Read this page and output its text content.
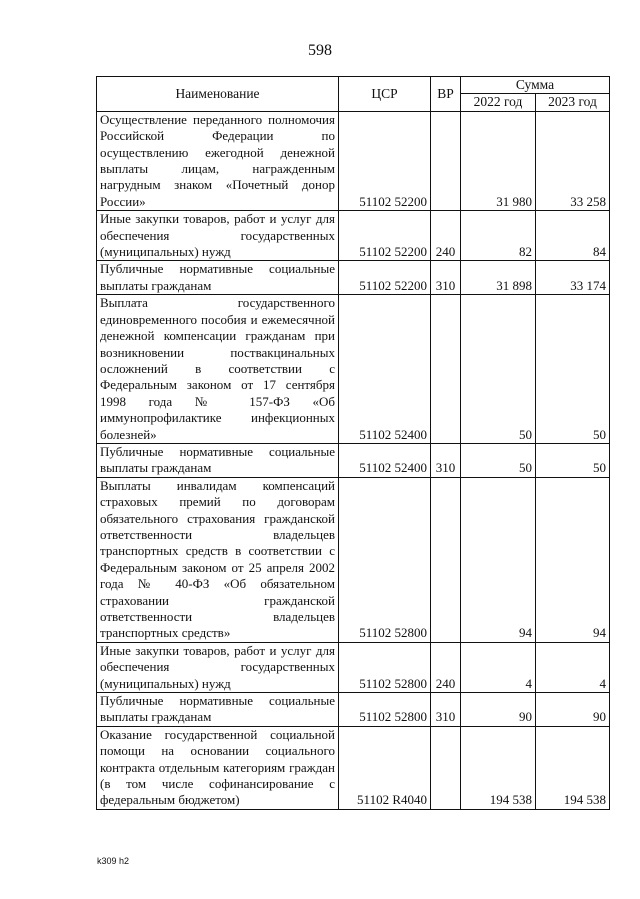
598
Наименование	ЦСР	ВР	Сумма	
			2022 год	2023 год
Осуществление переданного полномочия Российской Федерации по осуществлению ежегодной денежной выплаты лицам, награжденным нагрудным знаком «Почетный донор России»	51102 52200		31 980	33 258
Иные закупки товаров, работ и услуг для обеспечения государственных (муниципальных) нужд	51102 52200	240	82	84
Публичные нормативные социальные выплаты гражданам	51102 52200	310	31 898	33 174
Выплата государственного единовременного пособия и ежемесячной денежной компенсации гражданам при возникновении поствакцинальных осложнений в соответствии с Федеральным законом от 17 сентября 1998 года № 157-ФЗ «Об иммунопрофилактике инфекционных болезней»	51102 52400		50	50
Публичные нормативные социальные выплаты гражданам	51102 52400	310	50	50
Выплаты инвалидам компенсаций страховых премий по договорам обязательного страхования гражданской ответственности владельцев транспортных средств в соответствии с Федеральным законом от 25 апреля 2002 года № 40-ФЗ «Об обязательном страховании гражданской ответственности владельцев транспортных средств»	51102 52800		94	94
Иные закупки товаров, работ и услуг для обеспечения государственных (муниципальных) нужд	51102 52800	240	4	4
Публичные нормативные социальные выплаты гражданам	51102 52800	310	90	90
Оказание государственной социальной помощи на основании социального контракта отдельным категориям граждан (в том числе софинансирование с федеральным бюджетом)	51102 R4040		194 538	194 538
k309 h2
